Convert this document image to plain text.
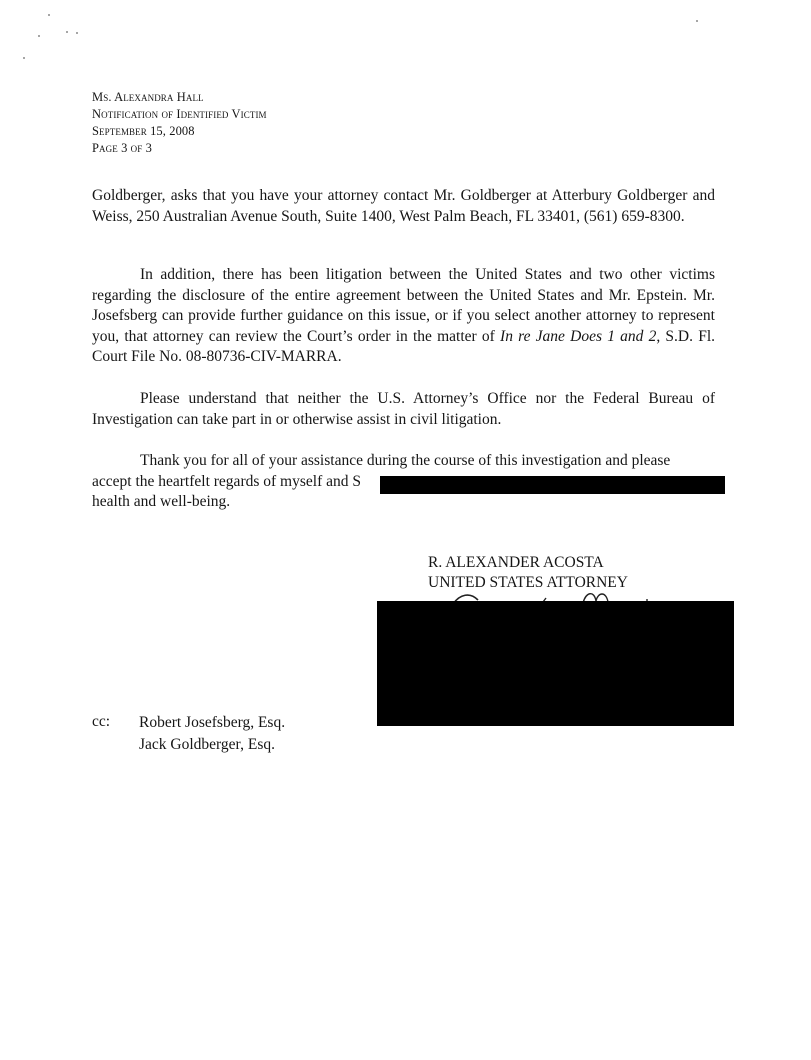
Ms. Alexandra Hall
Notification of Identified Victim
September 15, 2008
Page 3 of 3

Goldberger, asks that you have your attorney contact Mr. Goldberger at Atterbury Goldberger and Weiss, 250 Australian Avenue South, Suite 1400, West Palm Beach, FL 33401, (561) 659-8300.

In addition, there has been litigation between the United States and two other victims regarding the disclosure of the entire agreement between the United States and Mr. Epstein. Mr. Josefsberg can provide further guidance on this issue, or if you select another attorney to represent you, that attorney can review the Court’s order in the matter of In re Jane Does 1 and 2, S.D. Fl. Court File No. 08-80736-CIV-MARRA.

Please understand that neither the U.S. Attorney’s Office nor the Federal Bureau of Investigation can take part in or otherwise assist in civil litigation.

Thank you for all of your assistance during the course of this investigation and please
accept the heartfelt regards of myself and S
health and well-being.

R. ALEXANDER ACOSTA
UNITED STATES ATTORNEY
cc: Robert Josefsberg, Esq.
Jack Goldberger, Esq.
